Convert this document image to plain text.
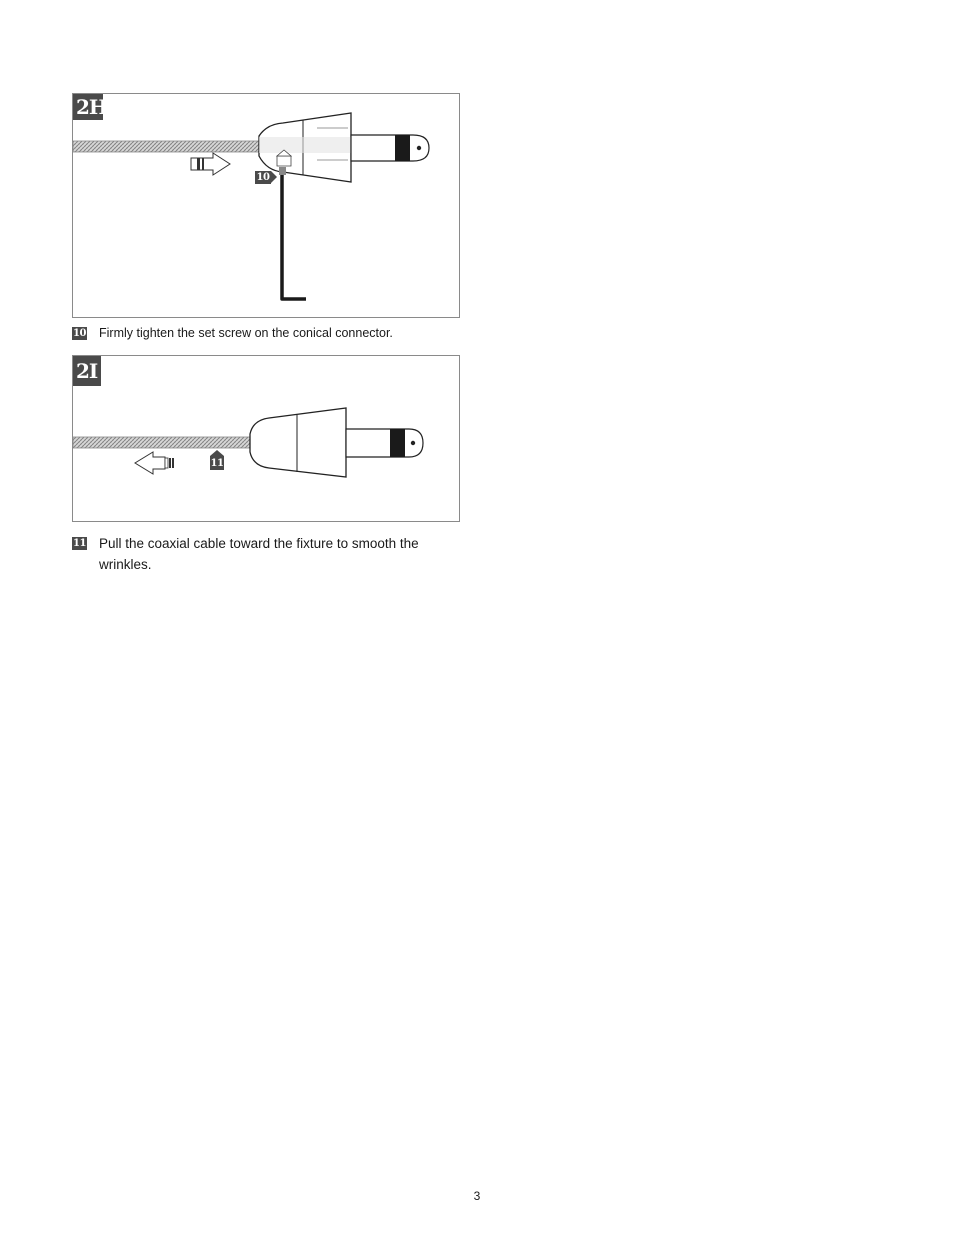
2H
10
10 Firmly tighten the set screw on the conical connector.
2I
11
11 Pull the coaxial cable toward the fixture to smooth the wrinkles.
3
